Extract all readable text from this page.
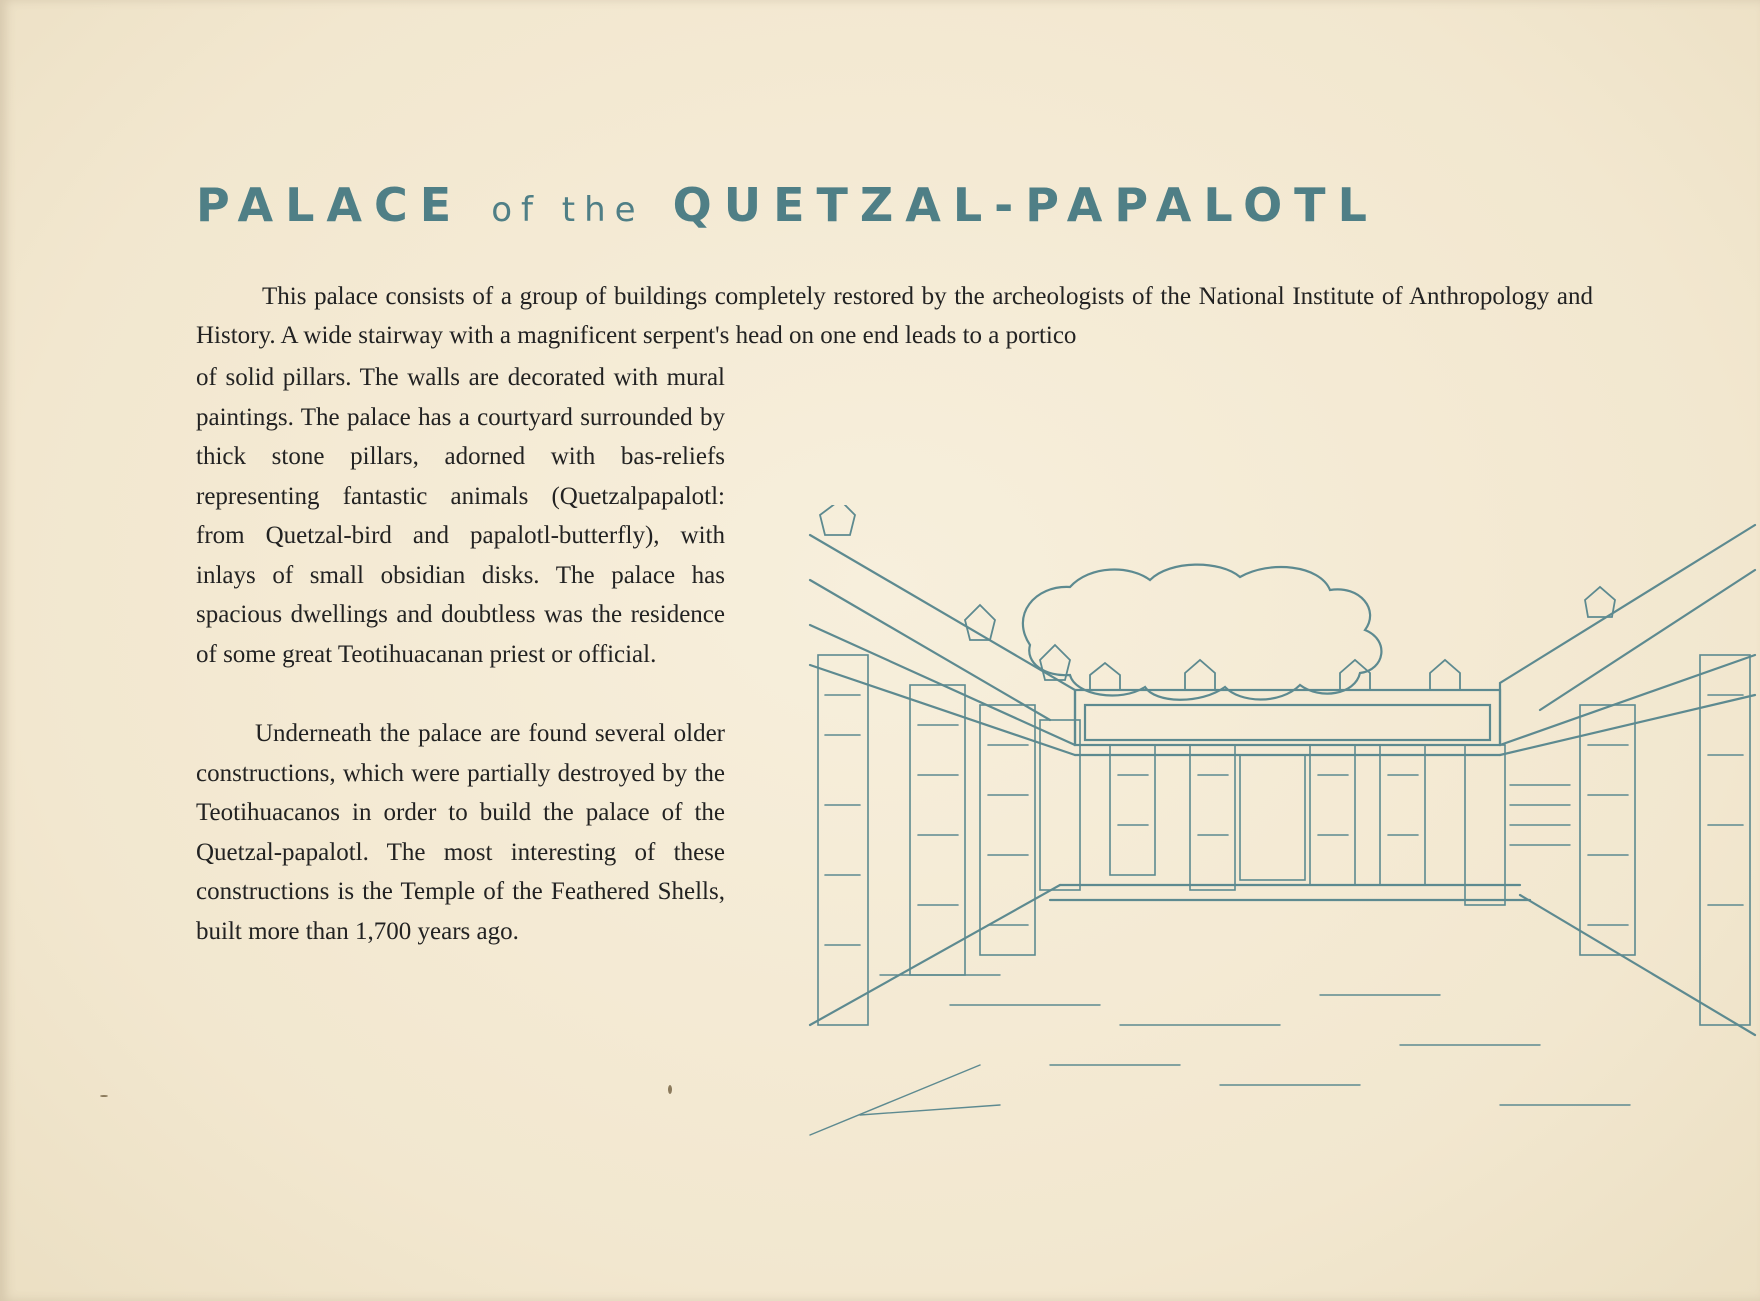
PALACE of the QUETZAL-PAPALOTL

This palace consists of a group of buildings completely restored by the archeologists of the National Institute of Anthropology and History. A wide stairway with a magnificent serpent's head on one end leads to a portico

of solid pillars. The walls are decorated with mural paintings. The palace has a courtyard surrounded by thick stone pillars, adorned with bas-reliefs representing fantastic animals (Quetzalpapalotl: from Quetzal-bird and papalotl-butterfly), with inlays of small obsidian disks. The palace has spacious dwellings and doubtless was the residence of some great Teotihuacanan priest or official.

Underneath the palace are found several older constructions, which were partially destroyed by the Teotihuacanos in order to build the palace of the Quetzal-papalotl. The most interesting of these constructions is the Temple of the Feathered Shells, built more than 1,700 years ago.
